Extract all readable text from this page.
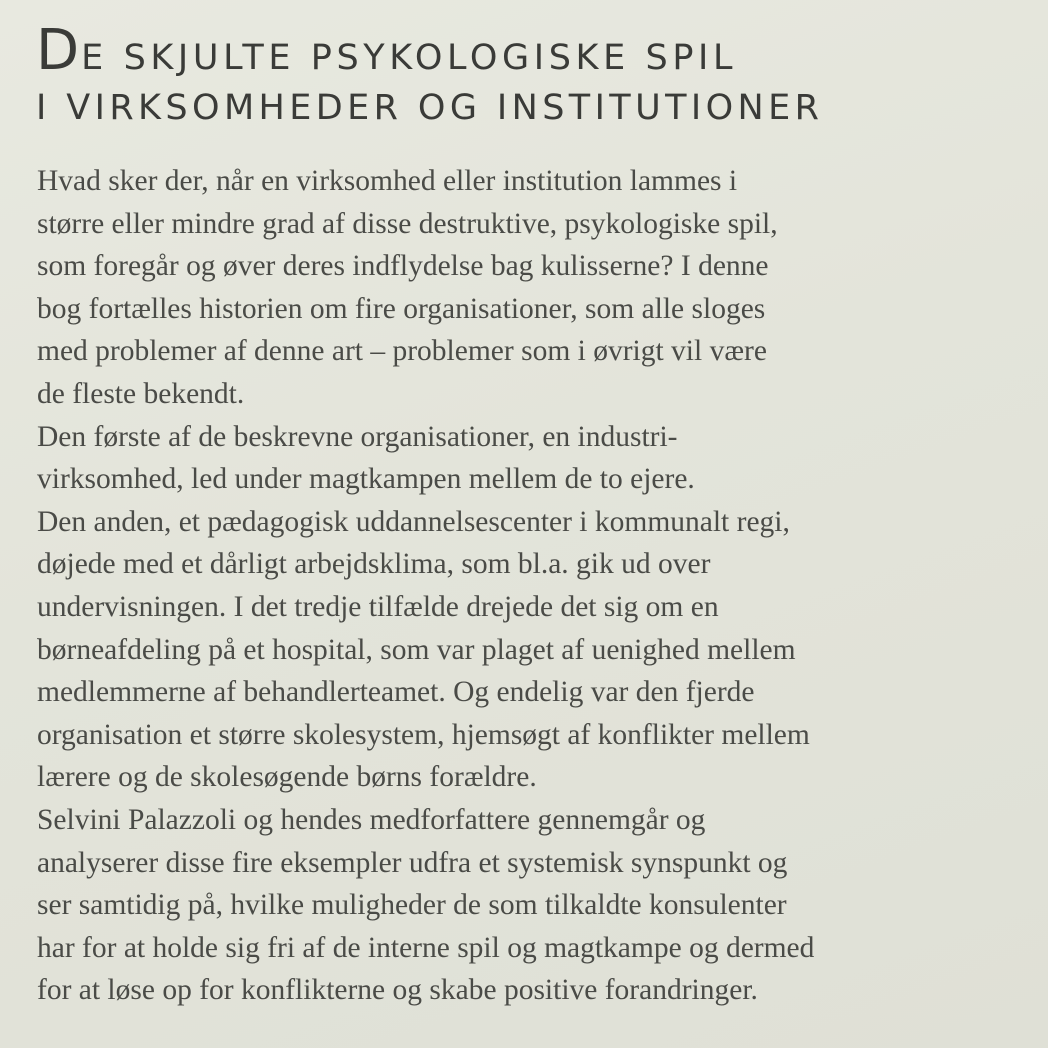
DE SKJULTE PSYKOLOGISKE SPIL
I VIRKSOMHEDER OG INSTITUTIONER
Hvad sker der, når en virksomhed eller institution lammes i
større eller mindre grad af disse destruktive, psykologiske spil,
som foregår og øver deres indflydelse bag kulisserne? I denne
bog fortælles historien om fire organisationer, som alle sloges
med problemer af denne art – problemer som i øvrigt vil være
de fleste bekendt.
Den første af de beskrevne organisationer, en industri-
virksomhed, led under magtkampen mellem de to ejere.
Den anden, et pædagogisk uddannelsescenter i kommunalt regi,
døjede med et dårligt arbejdsklima, som bl.a. gik ud over
undervisningen. I det tredje tilfælde drejede det sig om en
børneafdeling på et hospital, som var plaget af uenighed mellem
medlemmerne af behandlerteamet. Og endelig var den fjerde
organisation et større skolesystem, hjemsøgt af konflikter mellem
lærere og de skolesøgende børns forældre.
Selvini Palazzoli og hendes medforfattere gennemgår og
analyserer disse fire eksempler udfra et systemisk synspunkt og
ser samtidig på, hvilke muligheder de som tilkaldte konsulenter
har for at holde sig fri af de interne spil og magtkampe og dermed
for at løse op for konflikterne og skabe positive forandringer.
